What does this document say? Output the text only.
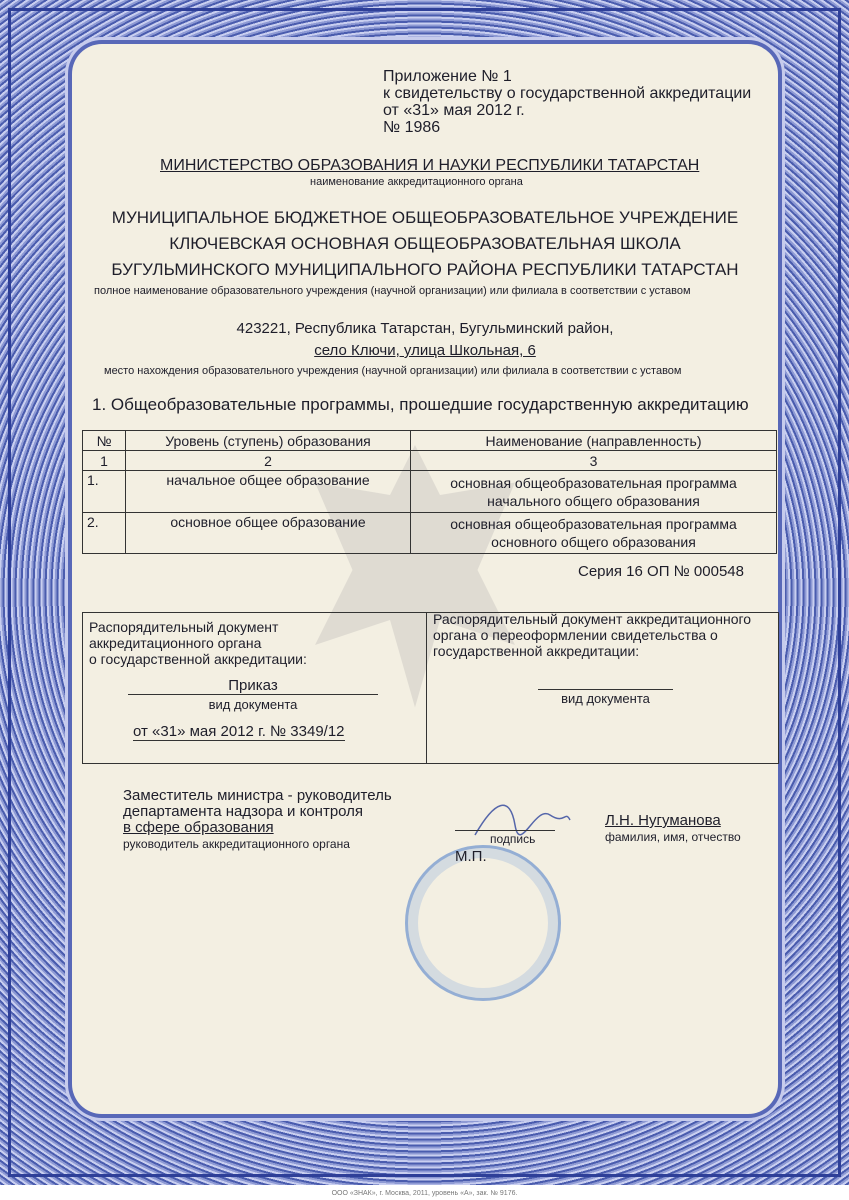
Приложение № 1
к свидетельству о государственной аккредитации
от «31» мая 2012 г.
№ 1986
МИНИСТЕРСТВО ОБРАЗОВАНИЯ И НАУКИ РЕСПУБЛИКИ ТАТАРСТАН
наименование аккредитационного органа
МУНИЦИПАЛЬНОЕ БЮДЖЕТНОЕ ОБЩЕОБРАЗОВАТЕЛЬНОЕ УЧРЕЖДЕНИЕ
КЛЮЧЕВСКАЯ ОСНОВНАЯ ОБЩЕОБРАЗОВАТЕЛЬНАЯ ШКОЛА
БУГУЛЬМИНСКОГО МУНИЦИПАЛЬНОГО РАЙОНА РЕСПУБЛИКИ ТАТАРСТАН
полное наименование образовательного учреждения (научной организации) или филиала в соответствии с уставом
423221, Республика Татарстан, Бугульминский район,
село Ключи, улица Школьная, 6
место нахождения образовательного учреждения (научной организации) или филиала в соответствии с уставом
1. Общеобразовательные программы, прошедшие государственную аккредитацию
№	Уровень (ступень) образования	Наименование (направленность)
1	2	3
1.	начальное общее образование	основная общеобразовательная программа
начального общего образования

2.	основное общее образование	основная общеобразовательная программа
основного общего образования
Серия 16 ОП № 000548
Распорядительный документ
аккредитационного органа
о государственной аккредитации:
Приказ
вид документа
от «31» мая 2012 г. № 3349/12
Распорядительный документ аккредитационного
органа о переоформлении свидетельства о
государственной аккредитации:
вид документа
Заместитель министра - руководитель
департамента надзора и контроля
в сфере образования
руководитель аккредитационного органа	подпись
М.П.
Л.Н. Нугуманова
фамилия, имя, отчество
ООО «ЗНАК», г. Москва, 2011, уровень «А», зак. № 9176.
